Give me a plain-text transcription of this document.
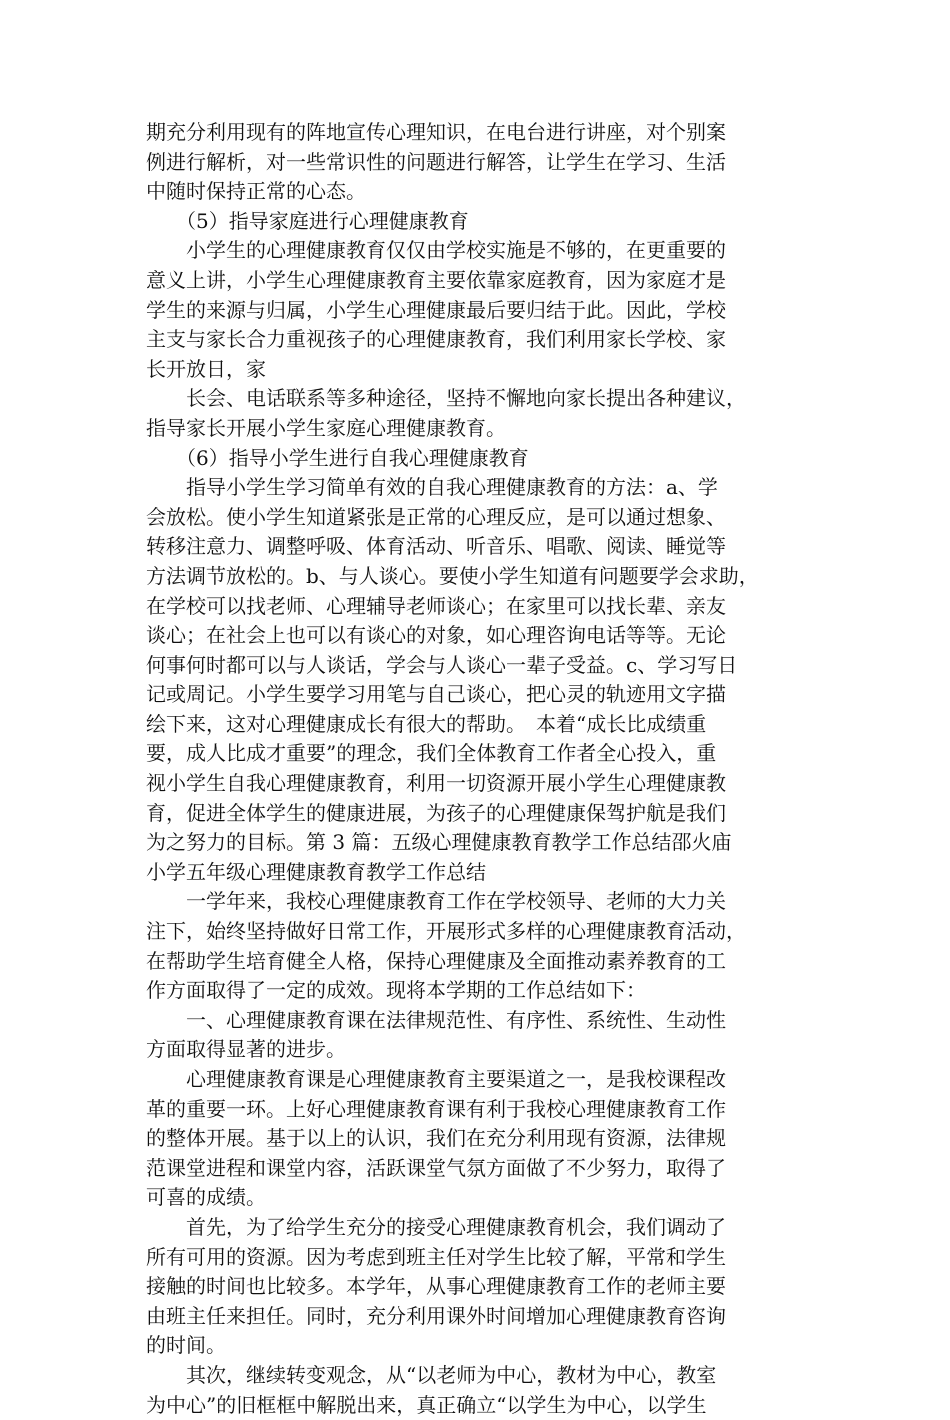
期充分利用现有的阵地宣传心理知识，在电台进行讲座，对个别案
例进行解析，对一些常识性的问题进行解答，让学生在学习、生活
中随时保持正常的心态。
　　（5）指导家庭进行心理健康教育
　　小学生的心理健康教育仅仅由学校实施是不够的，在更重要的
意义上讲，小学生心理健康教育主要依靠家庭教育，因为家庭才是
学生的来源与归属，小学生心理健康最后要归结于此。因此，学校
主支与家长合力重视孩子的心理健康教育，我们利用家长学校、家
长开放日，家
　　长会、电话联系等多种途径，坚持不懈地向家长提出各种建议，
指导家长开展小学生家庭心理健康教育。
　　（6）指导小学生进行自我心理健康教育
　　指导小学生学习简单有效的自我心理健康教育的方法：a、学
会放松。使小学生知道紧张是正常的心理反应，是可以通过想象、
转移注意力、调整呼吸、体育活动、听音乐、唱歌、阅读、睡觉等
方法调节放松的。b、与人谈心。要使小学生知道有问题要学会求助，
在学校可以找老师、心理辅导老师谈心；在家里可以找长辈、亲友
谈心；在社会上也可以有谈心的对象，如心理咨询电话等等。无论
何事何时都可以与人谈话，学会与人谈心一辈子受益。c、学习写日
记或周记。小学生要学习用笔与自己谈心，把心灵的轨迹用文字描
绘下来，这对心理健康成长有很大的帮助。　本着“成长比成绩重
要，成人比成才重要”的理念，我们全体教育工作者全心投入，重
视小学生自我心理健康教育，利用一切资源开展小学生心理健康教
育，促进全体学生的健康进展，为孩子的心理健康保驾护航是我们
为之努力的目标。第 3 篇：五级心理健康教育教学工作总结邵火庙
小学五年级心理健康教育教学工作总结
　　一学年来，我校心理健康教育工作在学校领导、老师的大力关
注下，始终坚持做好日常工作，开展形式多样的心理健康教育活动，
在帮助学生培育健全人格，保持心理健康及全面推动素养教育的工
作方面取得了一定的成效。现将本学期的工作总结如下：
　　一、心理健康教育课在法律规范性、有序性、系统性、生动性
方面取得显著的进步。
　　心理健康教育课是心理健康教育主要渠道之一，是我校课程改
革的重要一环。上好心理健康教育课有利于我校心理健康教育工作
的整体开展。基于以上的认识，我们在充分利用现有资源，法律规
范课堂进程和课堂内容，活跃课堂气氛方面做了不少努力，取得了
可喜的成绩。
　　首先，为了给学生充分的接受心理健康教育机会，我们调动了
所有可用的资源。因为考虑到班主任对学生比较了解，平常和学生
接触的时间也比较多。本学年，从事心理健康教育工作的老师主要
由班主任来担任。同时，充分利用课外时间增加心理健康教育咨询
的时间。
　　其次，继续转变观念，从“以老师为中心，教材为中心，教室
为中心”的旧框框中解脱出来，真正确立“以学生为中心，以学生
